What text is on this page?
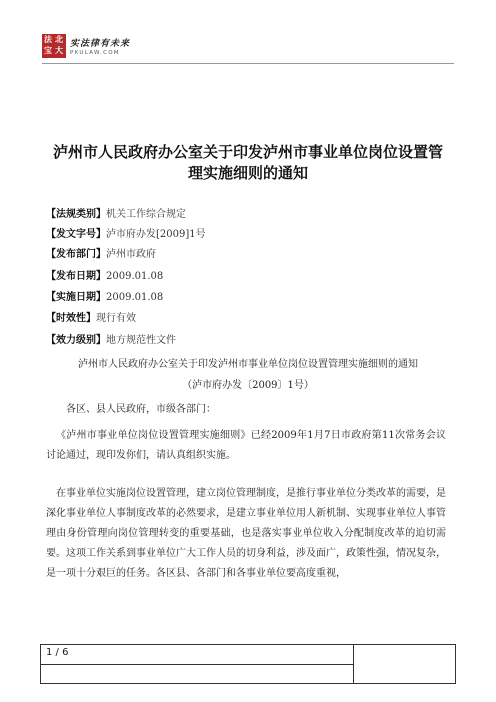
法 北
宝 大
实法律有未来
PKULAW.COM
泸州市人民政府办公室关于印发泸州市事业单位岗位设置管
理实施细则的通知
【法规类别】机关工作综合规定
【发文字号】泸市府办发[2009]1号
【发布部门】泸州市政府
【发布日期】2009.01.08
【实施日期】2009.01.08
【时效性】现行有效
【效力级别】地方规范性文件
泸州市人民政府办公室关于印发泸州市事业单位岗位设置管理实施细则的通知
（泸市府办发〔2009〕1号）
各区、县人民政府，市级各部门：
《泸州市事业单位岗位设置管理实施细则》已经2009年1月7日市政府第11次常务会议讨论通过，现印发你们，请认真组织实施。
在事业单位实施岗位设置管理，建立岗位管理制度，是推行事业单位分类改革的需要，是深化事业单位人事制度改革的必然要求，是建立事业单位用人新机制、实现事业单位人事管理由身份管理向岗位管理转变的重要基础，也是落实事业单位收入分配制度改革的迫切需要。这项工作关系到事业单位广大工作人员的切身利益，涉及面广，政策性强，情况复杂，是一项十分艰巨的任务。各区县、各部门和各事业单位要高度重视，
1 / 6
